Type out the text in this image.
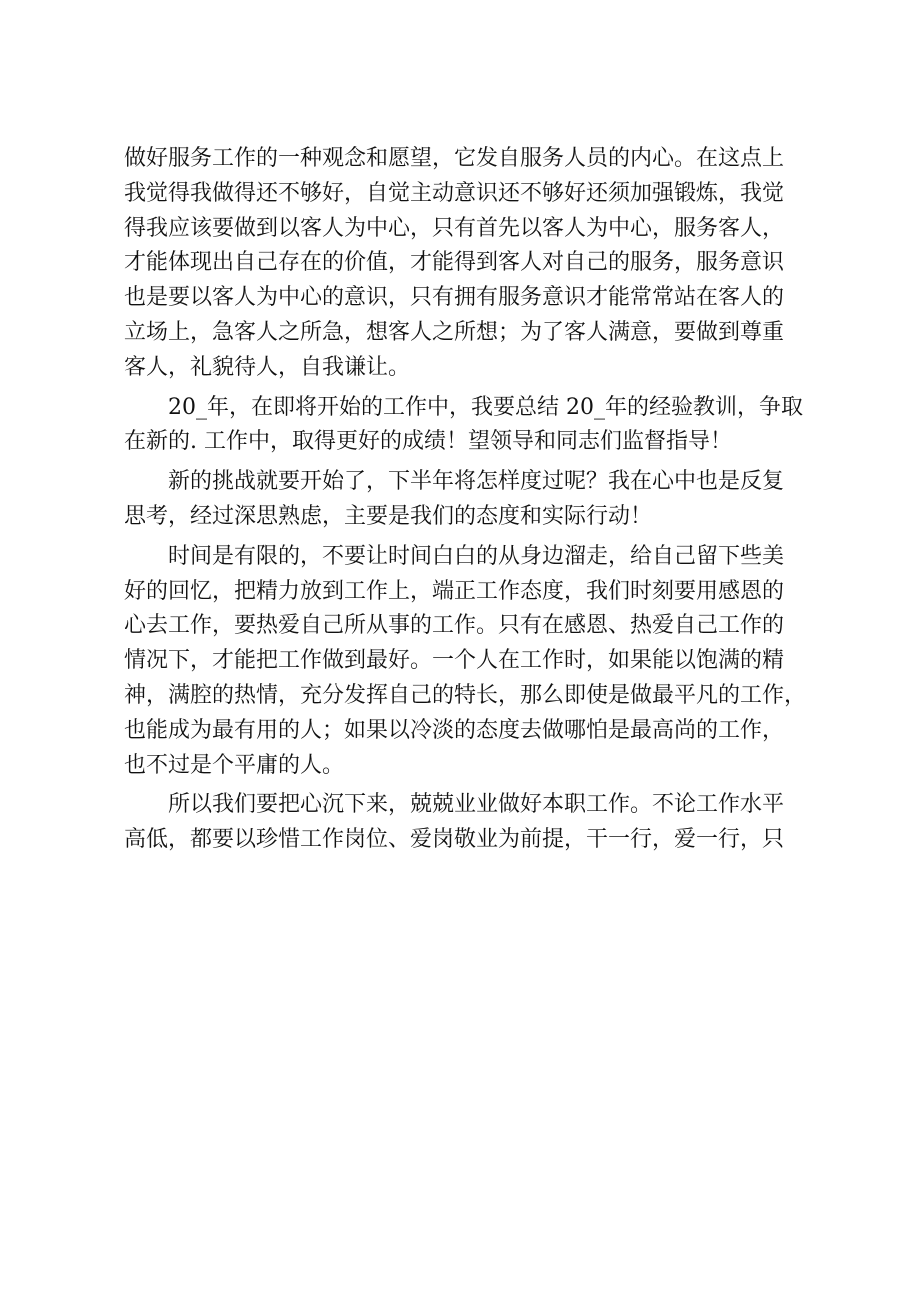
做好服务工作的一种观念和愿望，它发自服务人员的内心。在这点上
我觉得我做得还不够好，自觉主动意识还不够好还须加强锻炼，我觉
得我应该要做到以客人为中心，只有首先以客人为中心，服务客人，
才能体现出自己存在的价值，才能得到客人对自己的服务，服务意识
也是要以客人为中心的意识，只有拥有服务意识才能常常站在客人的
立场上，急客人之所急，想客人之所想；为了客人满意，要做到尊重
客人，礼貌待人，自我谦让。

20_年，在即将开始的工作中，我要总结 20_年的经验教训，争取
在新的. 工作中，取得更好的成绩！望领导和同志们监督指导！

新的挑战就要开始了，下半年将怎样度过呢？我在心中也是反复
思考，经过深思熟虑，主要是我们的态度和实际行动！

时间是有限的，不要让时间白白的从身边溜走，给自己留下些美
好的回忆，把精力放到工作上，端正工作态度，我们时刻要用感恩的
心去工作，要热爱自己所从事的工作。只有在感恩、热爱自己工作的
情况下，才能把工作做到最好。一个人在工作时，如果能以饱满的精
神，满腔的热情，充分发挥自己的特长，那么即使是做最平凡的工作，
也能成为最有用的人；如果以冷淡的态度去做哪怕是最高尚的工作，
也不过是个平庸的人。

所以我们要把心沉下来，兢兢业业做好本职工作。不论工作水平
高低，都要以珍惜工作岗位、爱岗敬业为前提，干一行，爱一行，只
